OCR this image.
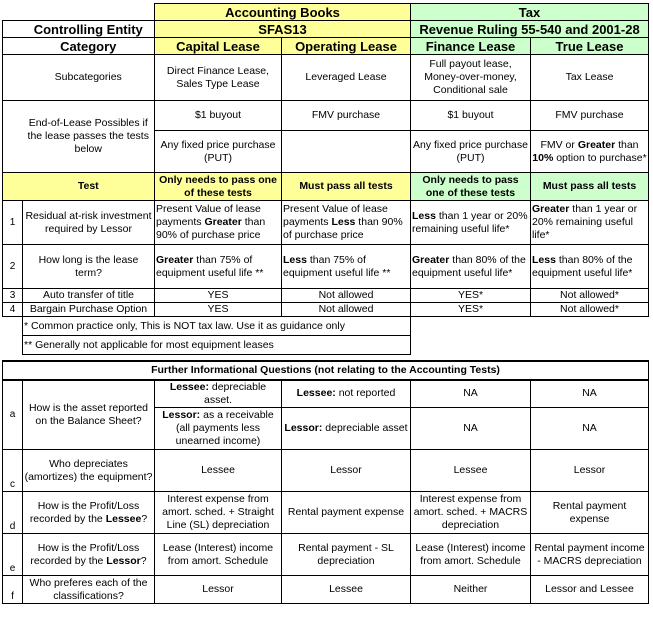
		Accounting Books		Tax	
	Controlling Entity	SFAS13		Revenue Ruling 55-540 and 2001-28	
	Category	Capital Lease	Operating Lease	Finance Lease	True Lease
	Subcategories	Direct Finance Lease, Sales Type Lease	Leveraged Lease	Full payout lease, Money-over-money, Conditional sale	Tax Lease
	End-of-Lease Possibles if the lease passes the tests below	$1 buyout	FMV purchase	$1 buyout	FMV purchase
		Any fixed price purchase (PUT)		Any fixed price purchase (PUT)	FMV or Greater than 10% option to purchase*
	Test	Only needs to pass one of these tests	Must pass all tests	Only needs to pass one of these tests	Must pass all tests
1	Residual at-risk investment required by Lessor	Present Value of lease payments Greater than 90% of purchase price	Present Value of lease payments Less than 90% of purchase price	Less than 1 year or 20% remaining useful life*	Greater than 1 year or 20% remaining useful life*
2	How long is the lease term?	Greater than 75% of equipment useful life **	Less than 75% of equipment useful life **	Greater than 80% of the equipment useful life*	Less than 80% of the equipment useful life*
3	Auto transfer of title	YES	Not allowed	YES*	Not allowed*
4	Bargain Purchase Option	YES	Not allowed	YES*	Not allowed*
	* Common practice only, This is NOT tax law. Use it as guidance only				
	** Generally not applicable for most equipment leases				

Further Informational Questions (not relating to the Accounting Tests)					
a	How is the asset reported on the Balance Sheet?	Lessee: depreciable asset.	Lessee: not reported	NA	NA
		Lessor: as a receivable (all payments less unearned income)	Lessor: depreciable asset	NA	NA
c	Who depreciates (amortizes) the equipment?	Lessee	Lessor	Lessee	Lessor
d	How is the Profit/Loss recorded by the Lessee?	Interest expense from amort. sched. + Straight Line (SL) depreciation	Rental payment expense	Interest expense from amort. sched. + MACRS depreciation	Rental payment expense
e	How is the Profit/Loss recorded by the Lessor?	Lease (Interest) income from amort. Schedule	Rental payment - SL depreciation	Lease (Interest) income from amort. Schedule	Rental payment income - MACRS depreciation
f	Who preferes each of the classifications?	Lessor	Lessee	Neither	Lessor and Lessee
